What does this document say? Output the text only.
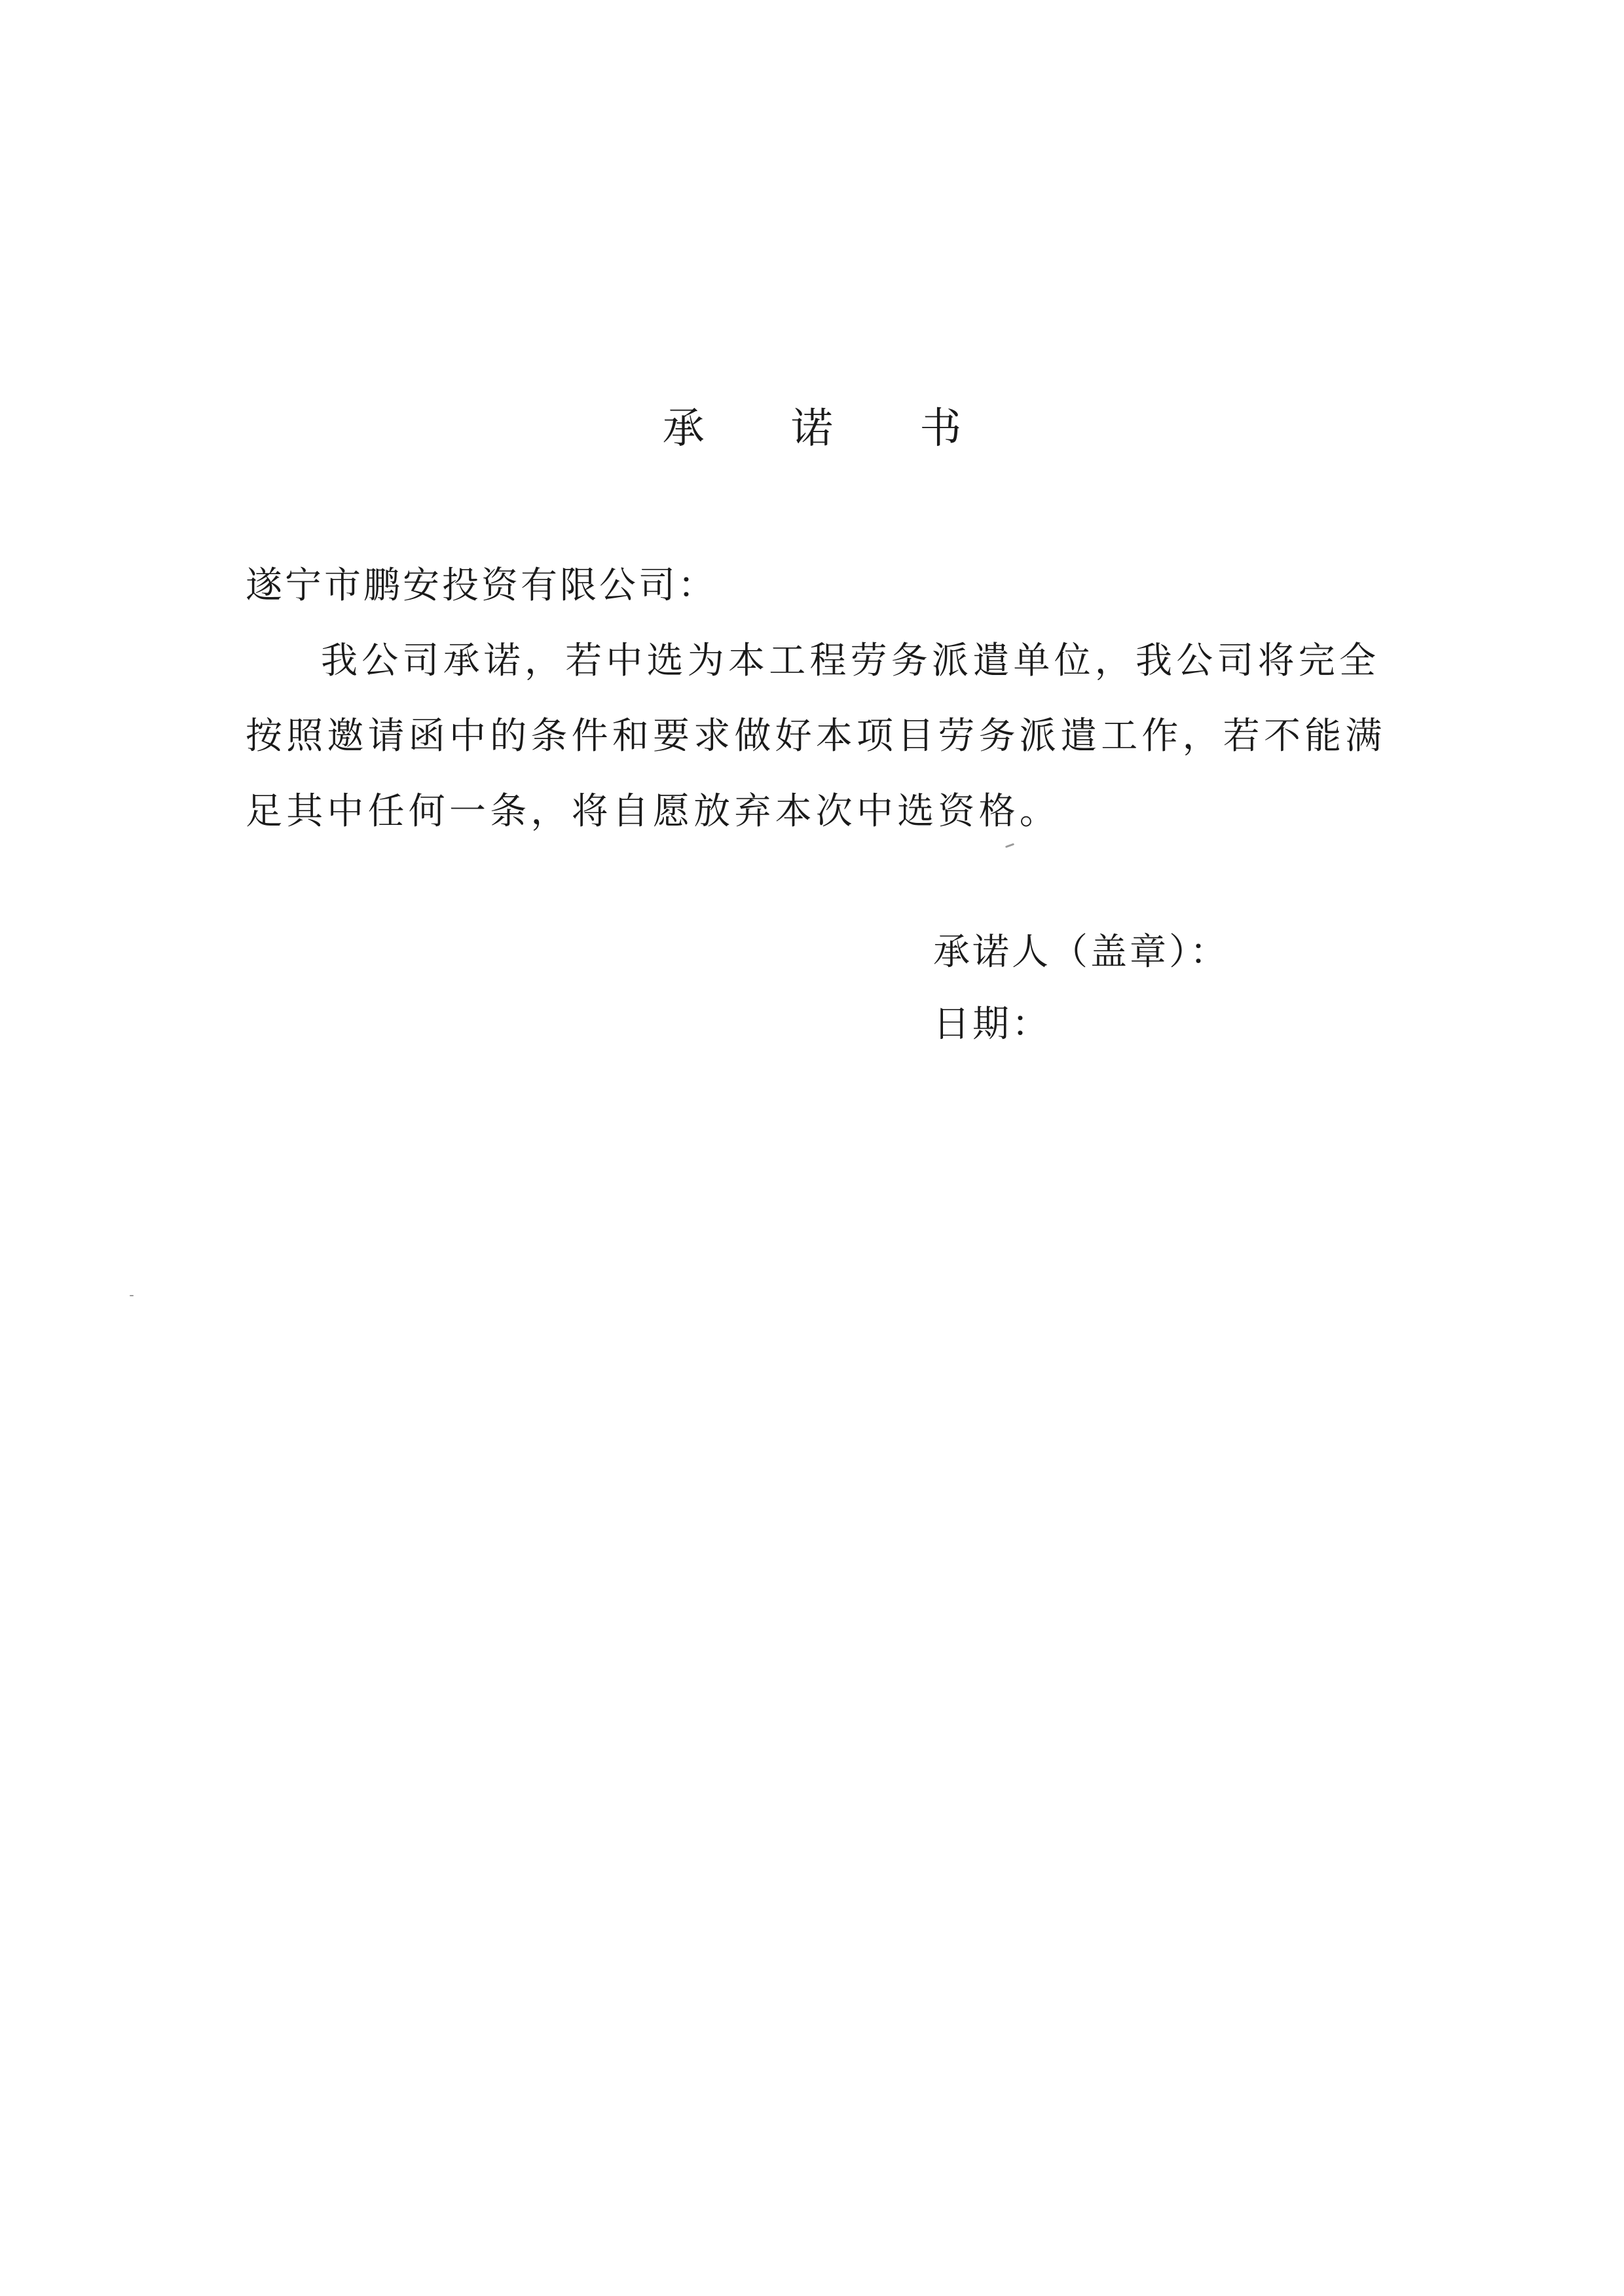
承 诺 书
遂宁市鹏安投资有限公司：
我公司承诺，若中选为本工程劳务派遣单位，我公司将完全
按照邀请函中的条件和要求做好本项目劳务派遣工作，若不能满
足其中任何一条，将自愿放弃本次中选资格。
承诺人（盖章）：
日期：
